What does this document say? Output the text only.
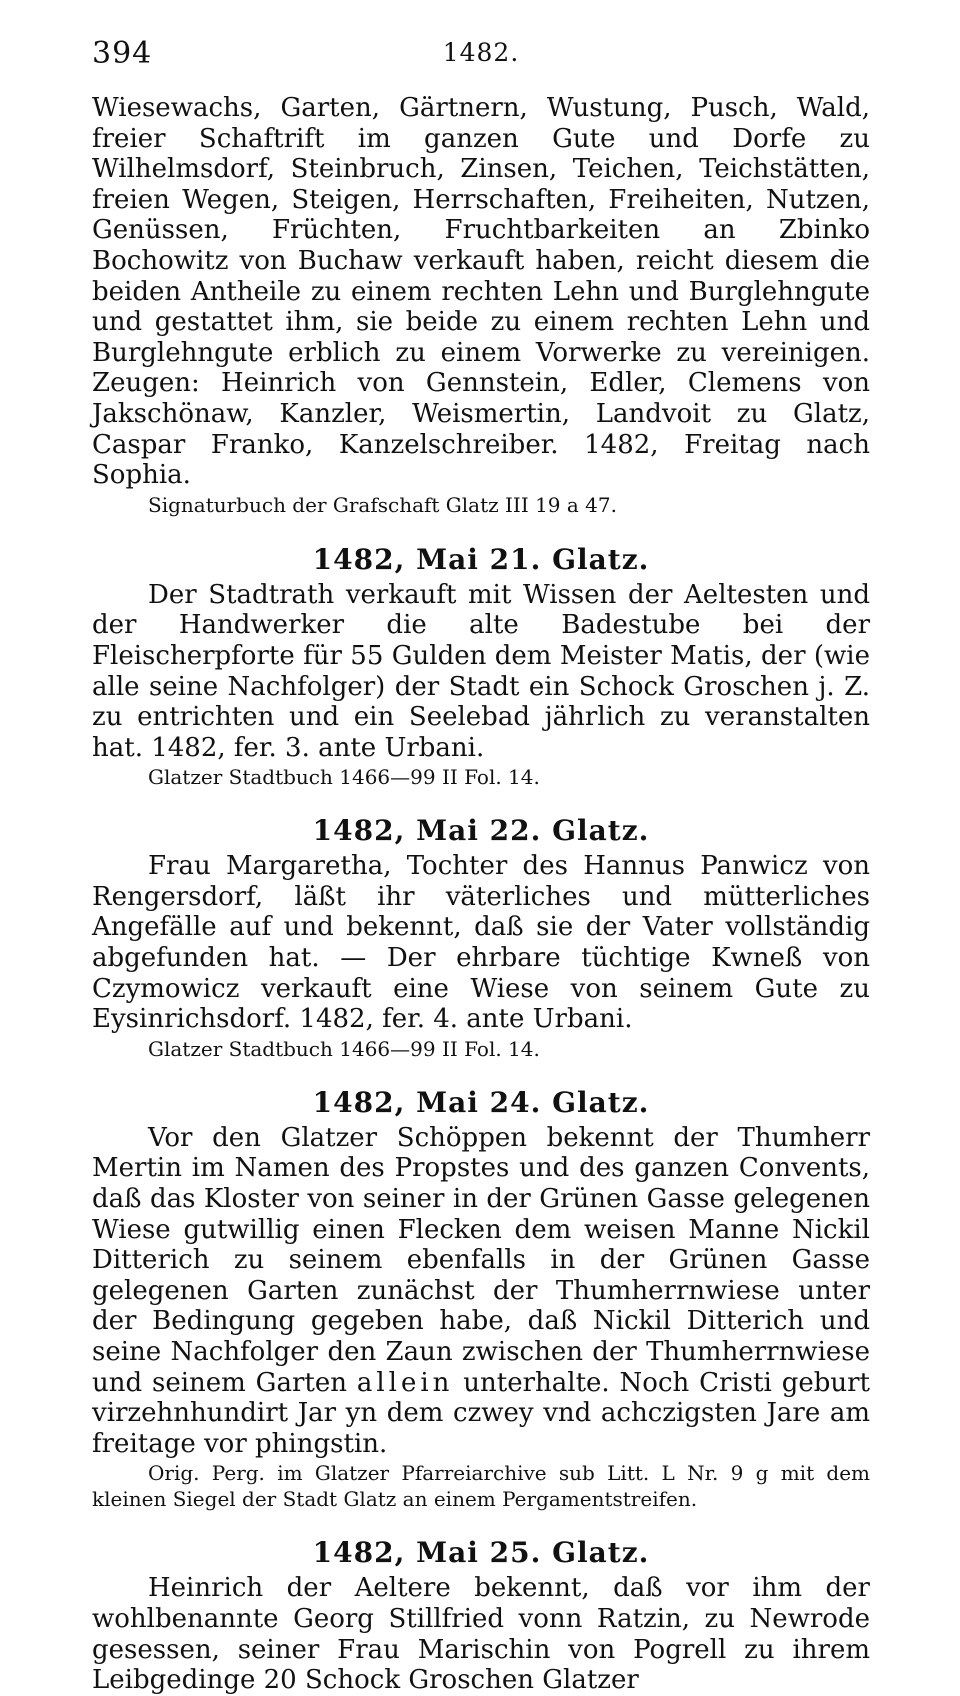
394	1482.

Wiesewachs, Garten, Gärtnern, Wustung, Pusch, Wald, freier Schaftrift im ganzen Gute und Dorfe zu Wilhelmsdorf, Steinbruch, Zinsen, Teichen, Teichstätten, freien Wegen, Steigen, Herrschaften, Freiheiten, Nutzen, Genüssen, Früchten, Fruchtbarkeiten an Zbinko Bochowitz von Buchaw verkauft haben, reicht diesem die beiden Antheile zu einem rechten Lehn und Burglehngute und gestattet ihm, sie beide zu einem rechten Lehn und Burglehngute erblich zu einem Vorwerke zu vereinigen. Zeugen: Heinrich von Gennstein, Edler, Clemens von Jakschönaw, Kanzler, Weismertin, Landvoit zu Glatz, Caspar Franko, Kanzelschreiber. 1482, Freitag nach Sophia.

Signaturbuch der Grafschaft Glatz III 19 a 47.

1482, Mai 21. Glatz.

Der Stadtrath verkauft mit Wissen der Aeltesten und der Handwerker die alte Badestube bei der Fleischerpforte für 55 Gulden dem Meister Matis, der (wie alle seine Nachfolger) der Stadt ein Schock Groschen j. Z. zu entrichten und ein Seelebad jährlich zu veranstalten hat. 1482, fer. 3. ante Urbani.

Glatzer Stadtbuch 1466—99 II Fol. 14.

1482, Mai 22. Glatz.

Frau Margaretha, Tochter des Hannus Panwicz von Rengersdorf, läßt ihr väterliches und mütterliches Angefälle auf und bekennt, daß sie der Vater vollständig abgefunden hat. — Der ehrbare tüchtige Kwneß von Czymowicz verkauft eine Wiese von seinem Gute zu Eysinrichsdorf. 1482, fer. 4. ante Urbani.

Glatzer Stadtbuch 1466—99 II Fol. 14.

1482, Mai 24. Glatz.

Vor den Glatzer Schöppen bekennt der Thumherr Mertin im Namen des Propstes und des ganzen Convents, daß das Kloster von seiner in der Grünen Gasse gelegenen Wiese gutwillig einen Flecken dem weisen Manne Nickil Ditterich zu seinem ebenfalls in der Grünen Gasse gelegenen Garten zunächst der Thumherrnwiese unter der Bedingung gegeben habe, daß Nickil Ditterich und seine Nachfolger den Zaun zwischen der Thumherrnwiese und seinem Garten allein unterhalte. Noch Cristi geburt virzehnhundirt Jar yn dem czwey vnd achczigsten Jare am freitage vor phingstin.

Orig. Perg. im Glatzer Pfarreiarchive sub Litt. L Nr. 9 g mit dem kleinen Siegel der Stadt Glatz an einem Pergamentstreifen.

1482, Mai 25. Glatz.

Heinrich der Aeltere bekennt, daß vor ihm der wohlbenannte Georg Stillfried vonn Ratzin, zu Newrode gesessen, seiner Frau Marischin von Pogrell zu ihrem Leibgedinge 20 Schock Groschen Glatzer
